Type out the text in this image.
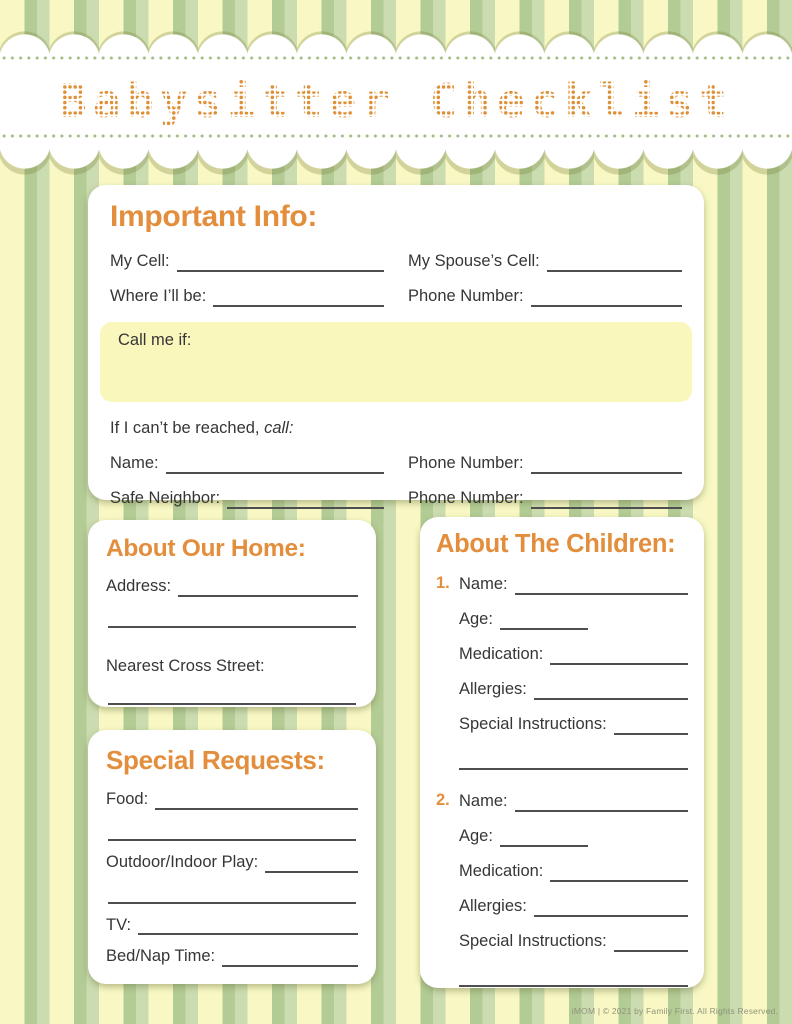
Babysitter Checklist
Important Info:
My Cell:	My Spouse’s Cell:
Where I’ll be:	Phone Number:
Call me if:
If I can’t be reached, call:
Name:	Phone Number:
Safe Neighbor:	Phone Number:
About Our Home:
Address:
Nearest Cross Street:
Special Requests:
Food:
Outdoor/Indoor Play:
TV:
Bed/Nap Time:
About The Children:
1. Name:
Age:
Medication:
Allergies:
Special Instructions:
2. Name:
Age:
Medication:
Allergies:
Special Instructions:
iMOM | © 2021 by Family First. All Rights Reserved.
